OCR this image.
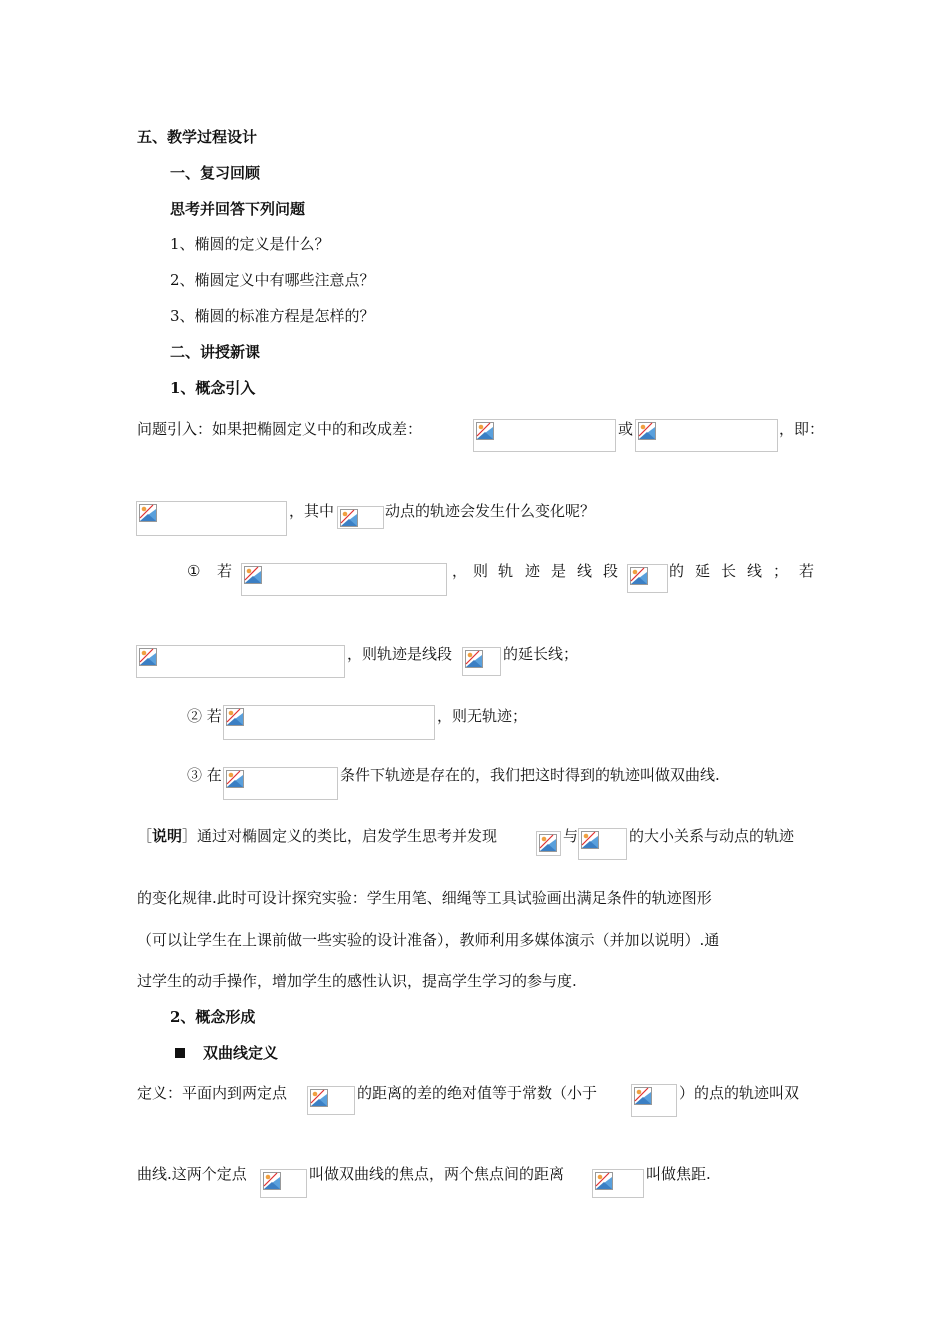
五、教学过程设计
一、复习回顾
思考并回答下列问题
1、椭圆的定义是什么？
2、椭圆定义中有哪些注意点？
3、椭圆的标准方程是怎样的？
二、讲授新课
1、概念引入
问题引入：如果把椭圆定义中的和改成差：	或	，即：
，其中	动点的轨迹会发生什么变化呢？
① 若	， 则 轨 迹 是 线 段	的 延 长 线 ； 若
，则轨迹是线段	的延长线；
② 若	，则无轨迹；
③ 在	条件下轨迹是存在的，我们把这时得到的轨迹叫做双曲线.
［说明］通过对椭圆定义的类比，启发学生思考并发现	与	的大小关系与动点的轨迹
的变化规律.此时可设计探究实验：学生用笔、细绳等工具试验画出满足条件的轨迹图形
（可以让学生在上课前做一些实验的设计准备），教师利用多媒体演示（并加以说明）.通
过学生的动手操作，增加学生的感性认识，提高学生学习的参与度.
2、概念形成
双曲线定义
定义：平面内到两定点	的距离的差的绝对值等于常数（小于	）的点的轨迹叫双
曲线.这两个定点	叫做双曲线的焦点，两个焦点间的距离	叫做焦距.
